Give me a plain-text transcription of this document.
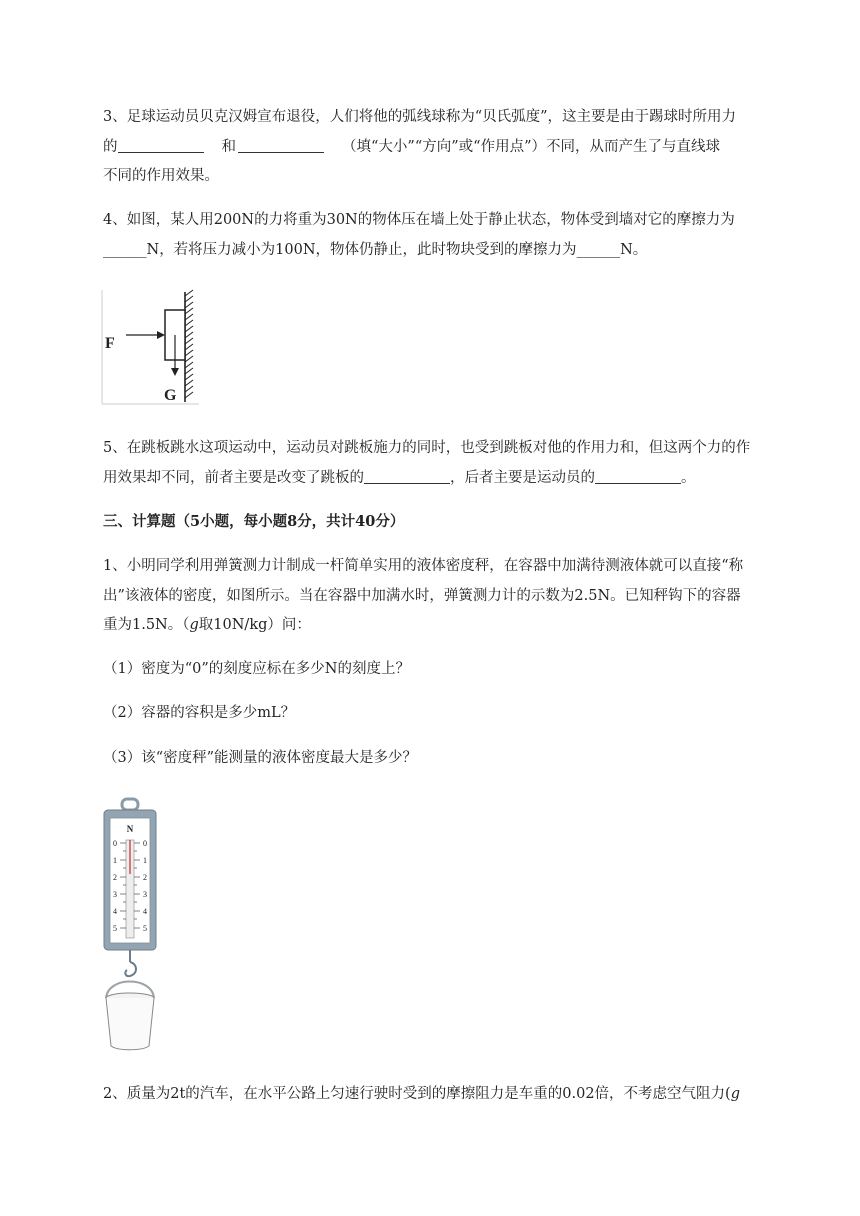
3、足球运动员贝克汉姆宣布退役，人们将他的弧线球称为“贝氏弧度”，这主要是由于踢球时所用力

的	和	（填“大小”“方向”或“作用点”）不同，从而产生了与直线球

不同的作用效果。

4、如图，某人用200N的力将重为30N的物体压在墙上处于静止状态，物体受到墙对它的摩擦力为

______N，若将压力减小为100N，物体仍静止，此时物块受到的摩擦力为______N。

F
G

5、在跳板跳水这项运动中，运动员对跳板施力的同时，也受到跳板对他的作用力和，但这两个力的作

用效果却不同，前者主要是改变了跳板的	，后者主要是运动员的	。

三、计算题（5小题，每小题8分，共计40分）

1、小明同学利用弹簧测力计制成一杆简单实用的液体密度秤，在容器中加满待测液体就可以直接“称

出”该液体的密度，如图所示。当在容器中加满水时，弹簧测力计的示数为2.5N。已知秤钩下的容器

重为1.5N。（g取10N/kg）问：

（1）密度为“0”的刻度应标在多少N的刻度上？

（2）容器的容积是多少mL？

（3）该“密度秤”能测量的液体密度最大是多少？

N
0
1
2
3
4
5
0
1
2
3
4
5

2、质量为2t的汽车，在水平公路上匀速行驶时受到的摩擦阻力是车重的0.02倍，不考虑空气阻力(g
